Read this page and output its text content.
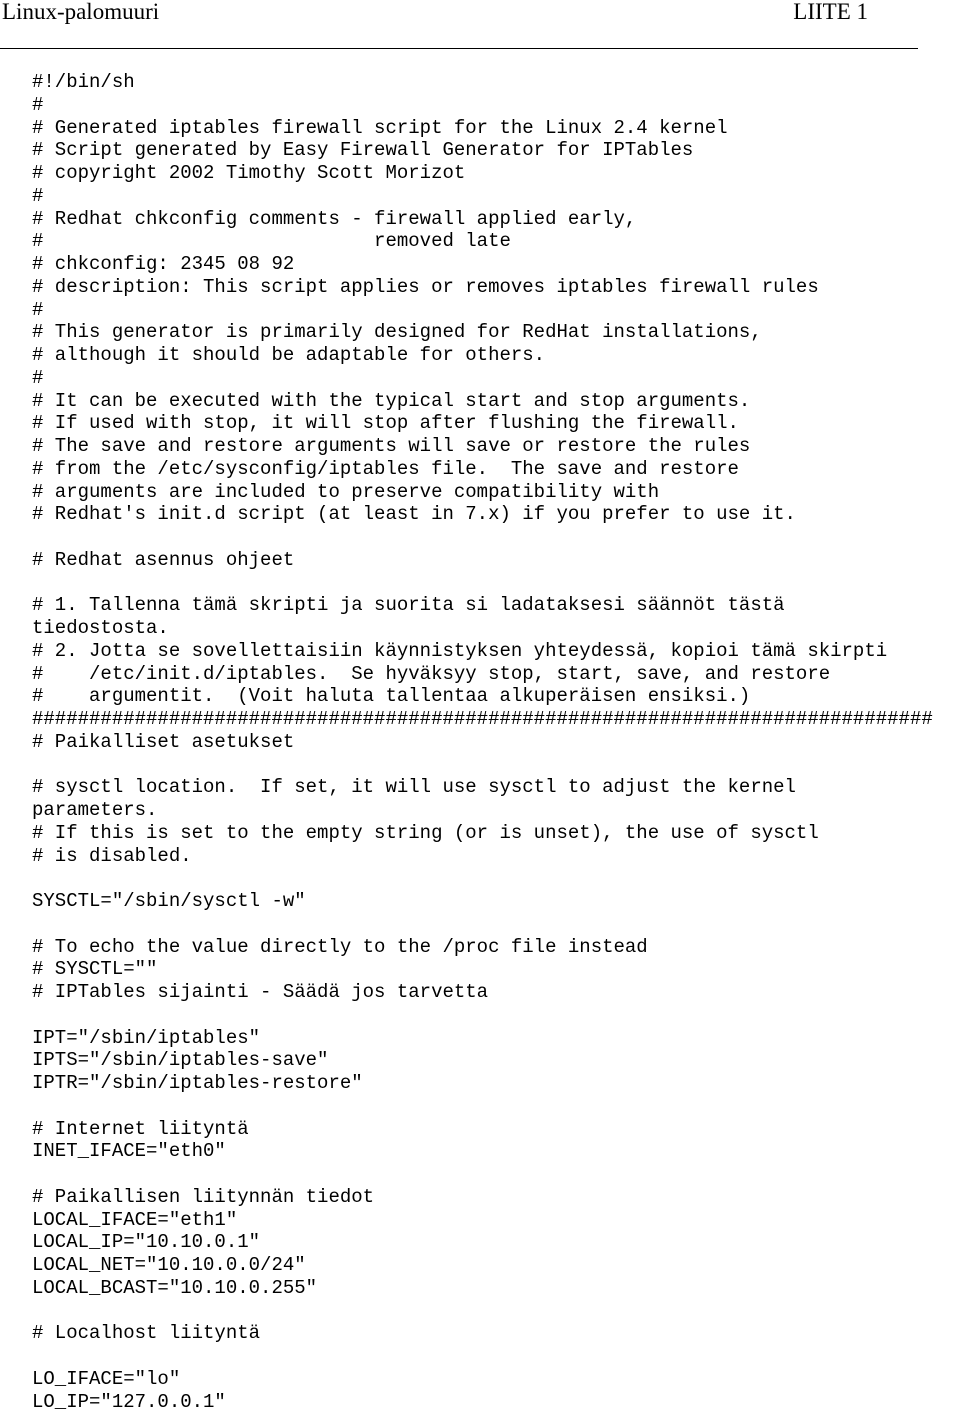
Linux-palomuuri	LIITE 1
#!/bin/sh
#
# Generated iptables firewall script for the Linux 2.4 kernel
# Script generated by Easy Firewall Generator for IPTables
# copyright 2002 Timothy Scott Morizot
#
# Redhat chkconfig comments - firewall applied early,
#                             removed late
# chkconfig: 2345 08 92
# description: This script applies or removes iptables firewall rules
#
# This generator is primarily designed for RedHat installations,
# although it should be adaptable for others.
#
# It can be executed with the typical start and stop arguments.
# If used with stop, it will stop after flushing the firewall.
# The save and restore arguments will save or restore the rules
# from the /etc/sysconfig/iptables file.  The save and restore
# arguments are included to preserve compatibility with
# Redhat's init.d script (at least in 7.x) if you prefer to use it.
# Redhat asennus ohjeet
# 1. Tallenna tämä skripti ja suorita si ladataksesi säännöt tästä
tiedostosta.
# 2. Jotta se sovellettaisiin käynnistyksen yhteydessä, kopioi tämä skirpti
#    /etc/init.d/iptables.  Se hyväksyy stop, start, save, and restore
#    argumentit.  (Voit haluta tallentaa alkuperäisen ensiksi.)
###############################################################################
# Paikalliset asetukset
# sysctl location.  If set, it will use sysctl to adjust the kernel
parameters.
# If this is set to the empty string (or is unset), the use of sysctl
# is disabled.
SYSCTL="/sbin/sysctl -w"
# To echo the value directly to the /proc file instead
# SYSCTL=""
# IPTables sijainti - Säädä jos tarvetta
IPT="/sbin/iptables"
IPTS="/sbin/iptables-save"
IPTR="/sbin/iptables-restore"
# Internet liityntä
INET_IFACE="eth0"
# Paikallisen liitynnän tiedot
LOCAL_IFACE="eth1"
LOCAL_IP="10.10.0.1"
LOCAL_NET="10.10.0.0/24"
LOCAL_BCAST="10.10.0.255"
# Localhost liityntä
LO_IFACE="lo"
LO_IP="127.0.0.1"
